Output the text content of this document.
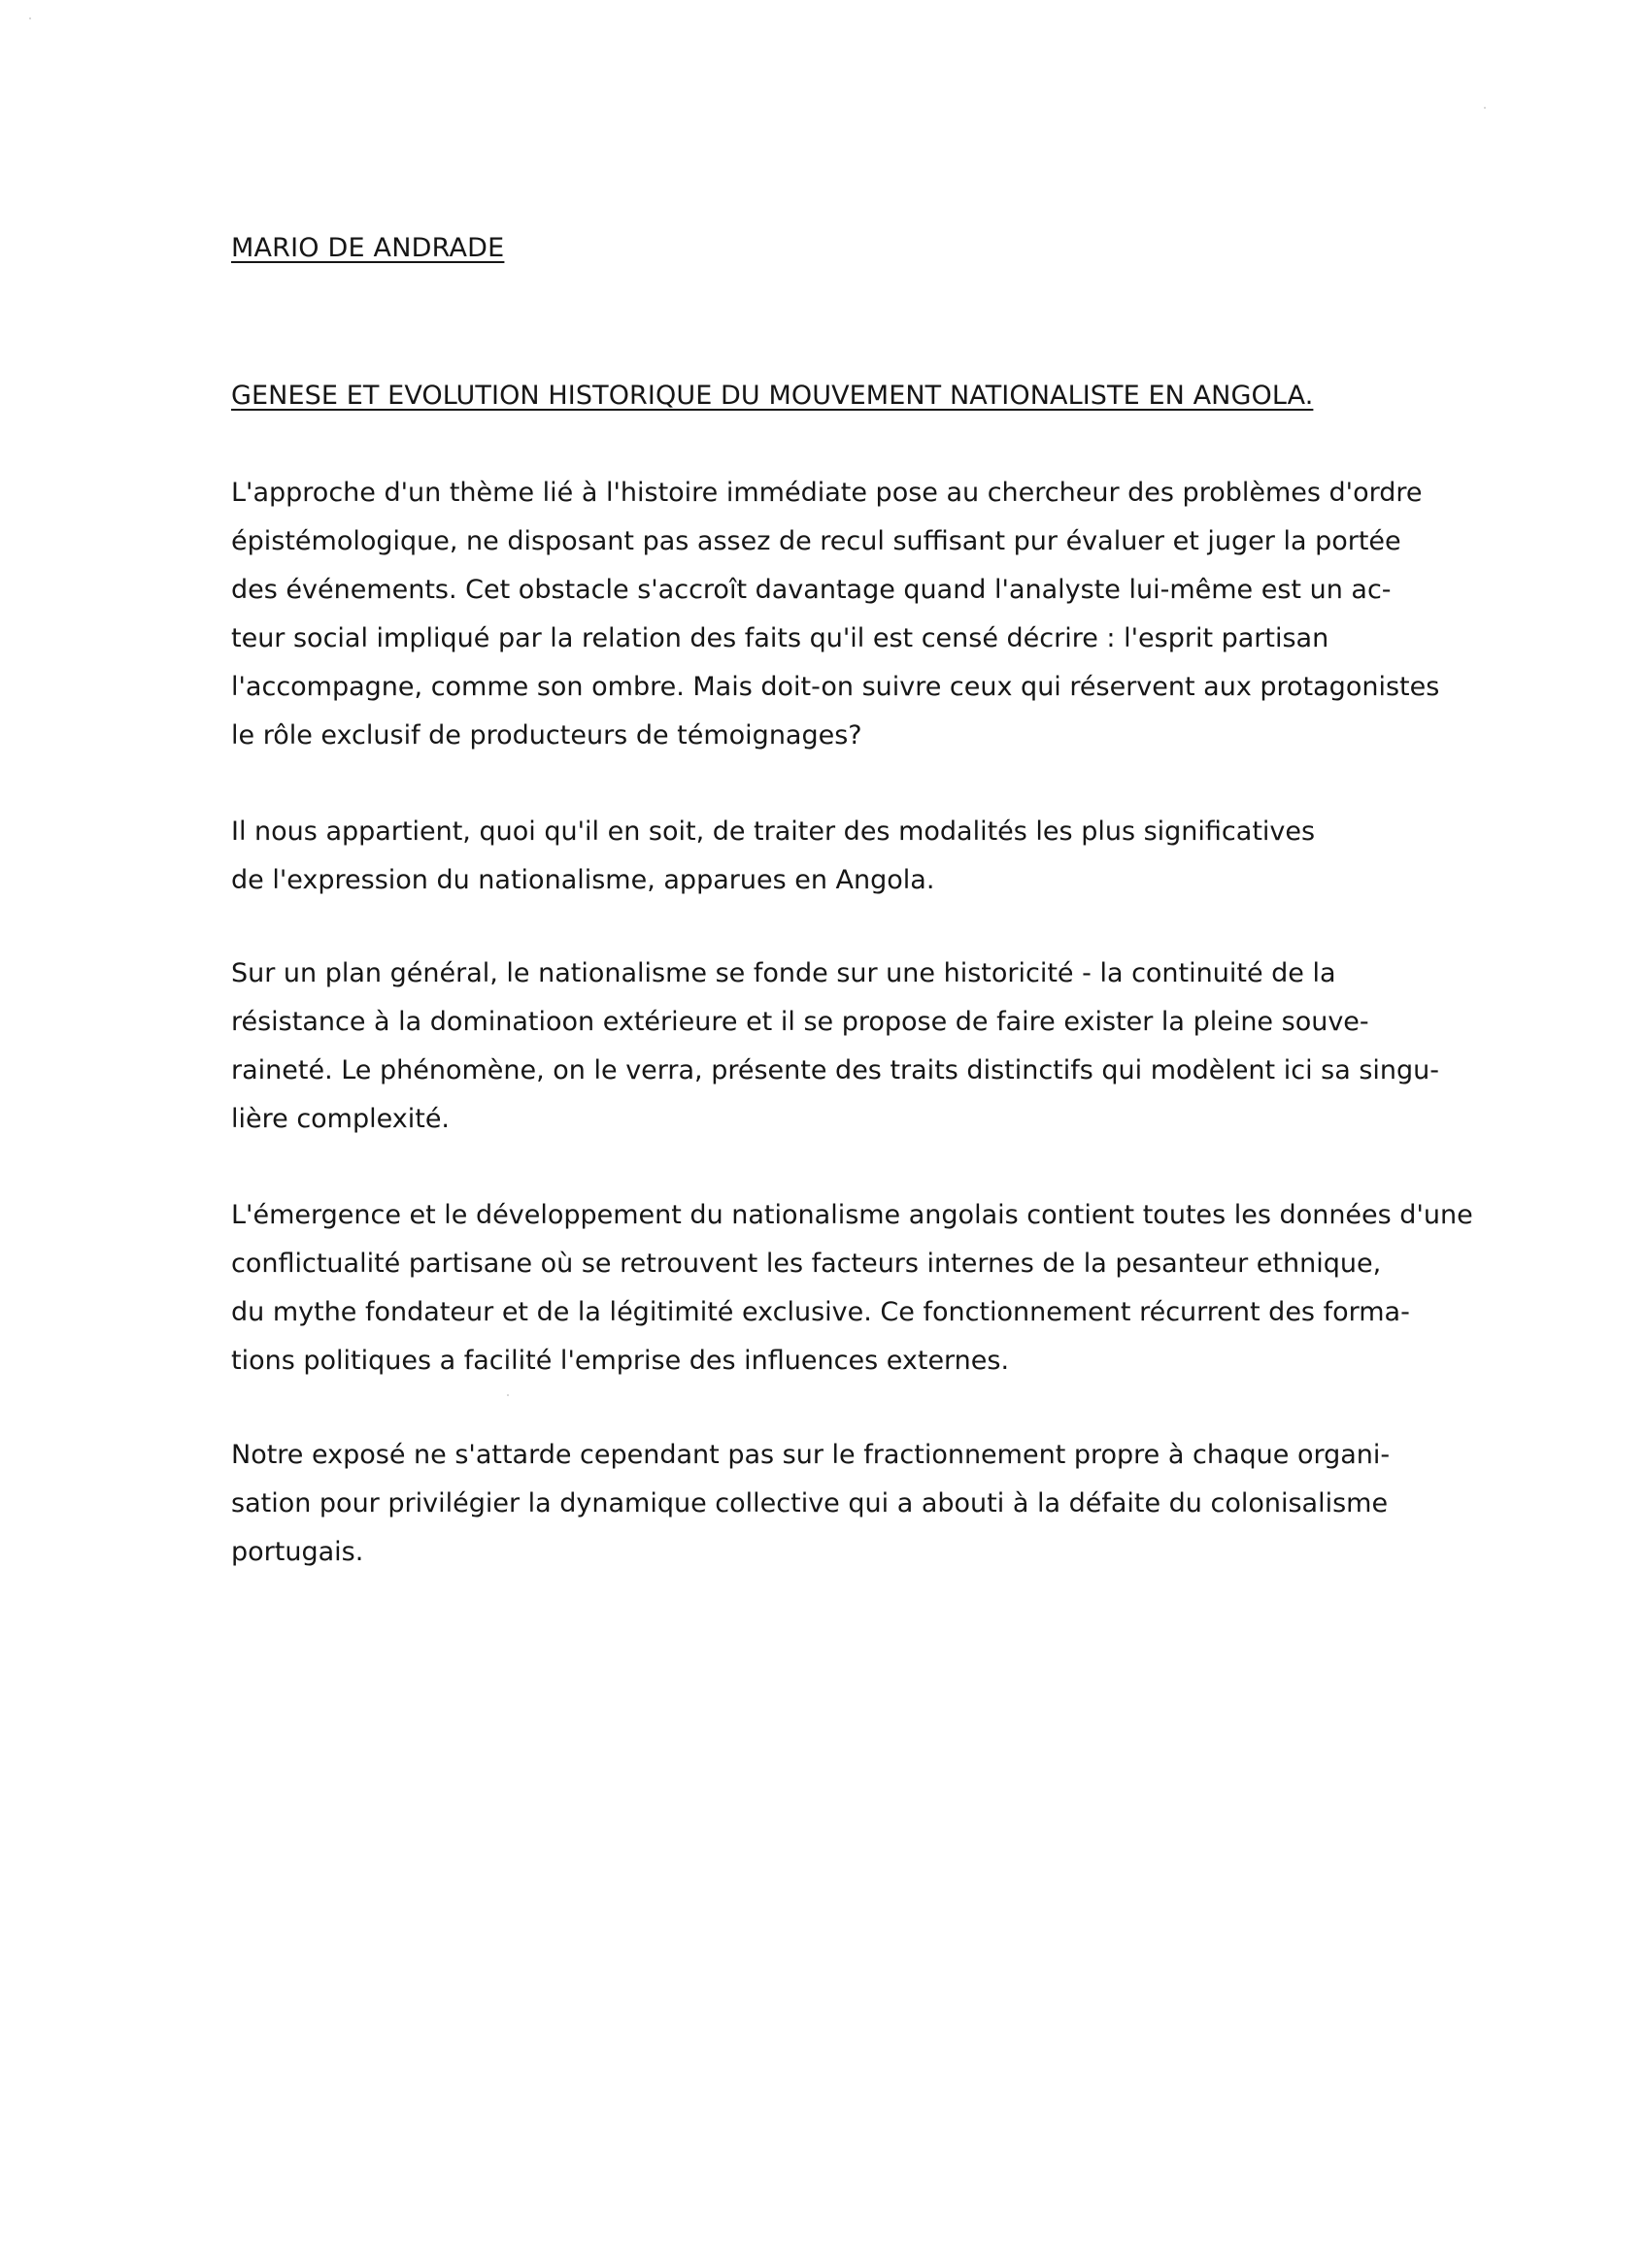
MARIO DE ANDRADE
GENESE ET EVOLUTION HISTORIQUE DU MOUVEMENT NATIONALISTE EN ANGOLA.
L'approche d'un thème lié à l'histoire immédiate pose au chercheur des problèmes d'ordre
épistémologique, ne disposant pas assez de recul suffisant pur évaluer et juger la portée
des événements. Cet obstacle s'accroît davantage quand l'analyste lui-même est un ac-
teur social impliqué par la relation des faits qu'il est censé décrire : l'esprit partisan
l'accompagne, comme son ombre. Mais doit-on suivre ceux qui réservent aux protagonistes
le rôle exclusif de producteurs de témoignages?
Il nous appartient, quoi qu'il en soit, de traiter des modalités les plus significatives
de l'expression du nationalisme, apparues en Angola.
Sur un plan général, le nationalisme se fonde sur une historicité - la continuité de la
résistance à la dominatioon extérieure et il se propose de faire exister la pleine souve-
raineté. Le phénomène, on le verra, présente des traits distinctifs qui modèlent ici sa singu-
lière complexité.
L'émergence et le développement du nationalisme angolais contient toutes les données d'une
conflictualité partisane où se retrouvent les facteurs internes de la pesanteur ethnique,
du mythe fondateur et de la légitimité exclusive. Ce fonctionnement récurrent des forma-
tions politiques a facilité l'emprise des influences externes.
Notre exposé ne s'attarde cependant pas sur le fractionnement propre à chaque organi-
sation pour privilégier la dynamique collective qui a abouti à la défaite du colonisalisme
portugais.
